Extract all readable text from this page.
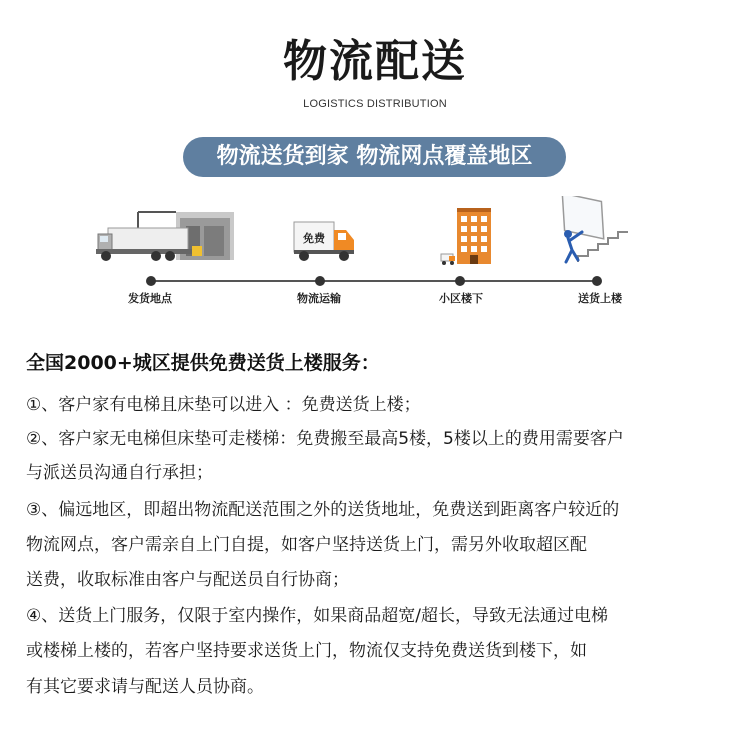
物流配送
LOGISTICS DISTRIBUTION
物流送货到家 物流网点覆盖地区
免费
发货地点	物流运输	小区楼下	送货上楼
全国2000+城区提供免费送货上楼服务：
①、客户家有电梯且床垫可以进入 ：免费送货上楼；
②、客户家无电梯但床垫可走楼梯：免费搬至最高5楼，5楼以上的费用需要客户
与派送员沟通自行承担；
③、偏远地区，即超出物流配送范围之外的送货地址，免费送到距离客户较近的
物流网点，客户需亲自上门自提，如客户坚持送货上门，需另外收取超区配
送费，收取标准由客户与配送员自行协商；
④、送货上门服务，仅限于室内操作，如果商品超宽/超长，导致无法通过电梯
或楼梯上楼的，若客户坚持要求送货上门，物流仅支持免费送货到楼下，如
有其它要求请与配送人员协商。
